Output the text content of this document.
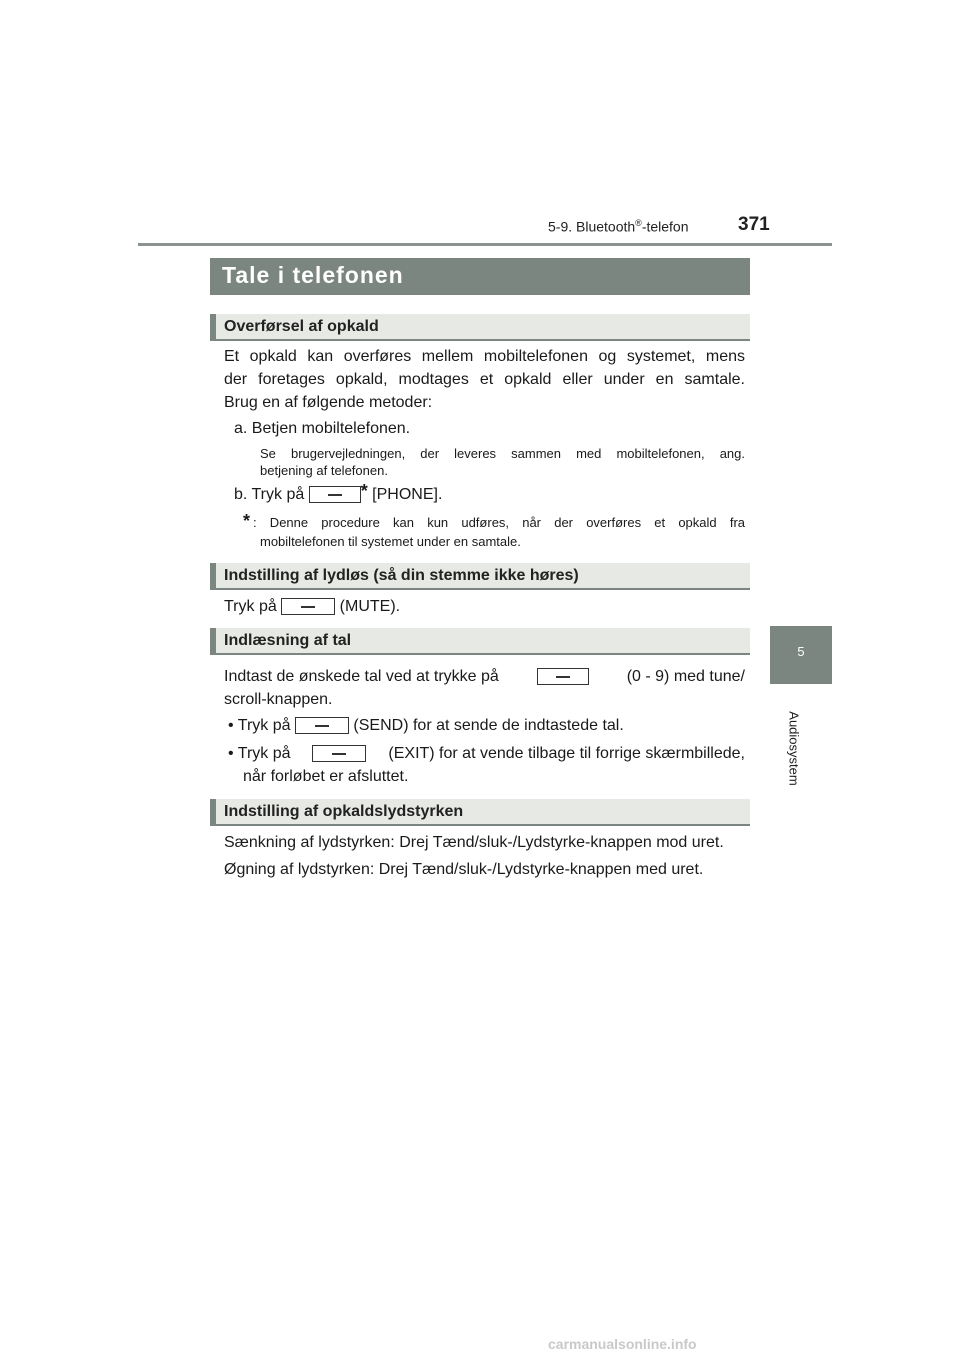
5-9. Bluetooth®-telefon	371
5
Audiosystem
Tale i telefonen
Overførsel af opkald
Et opkald kan overføres mellem mobiltelefonen og systemet, mens
der foretages opkald, modtages et opkald eller under en samtale.
Brug en af følgende metoder:
a. Betjen mobiltelefonen.
Se brugervejledningen, der leveres sammen med mobiltelefonen, ang.
betjening af telefonen.
b. Tryk på	* [PHONE].
* : Denne procedure kan kun udføres, når der overføres et opkald fra
mobiltelefonen til systemet under en samtale.
Indstilling af lydløs (så din stemme ikke høres)
Tryk på	(MUTE).
Indlæsning af tal
Indtast de ønskede tal ved at trykke på	(0 - 9) med tune/
scroll-knappen.
• Tryk på	(SEND) for at sende de indtastede tal.
• Tryk på	(EXIT) for at vende tilbage til forrige skærmbillede,
når forløbet er afsluttet.
Indstilling af opkaldslydstyrken
Sænkning af lydstyrken: Drej Tænd/sluk-/Lydstyrke-knappen mod uret.
Øgning af lydstyrken: Drej Tænd/sluk-/Lydstyrke-knappen med uret.
carmanualsonline.info
